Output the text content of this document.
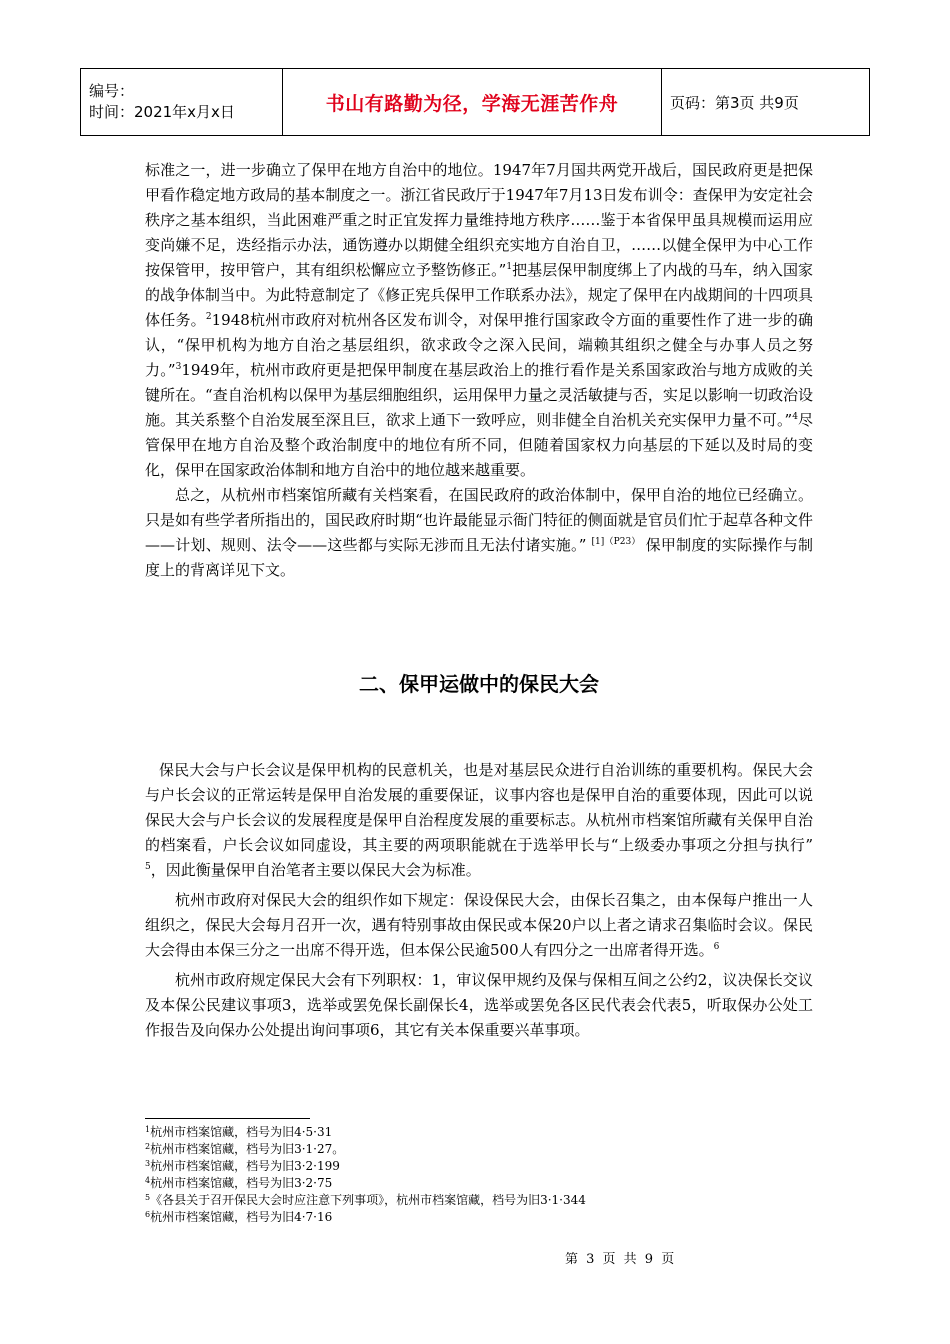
编号：
时间：2021年x月x日	书山有路勤为径，学海无涯苦作舟	页码：第3页 共9页

标准之一，进一步确立了保甲在地方自治中的地位。1947年7月国共两党开战后，国民政府更是把保甲看作稳定地方政局的基本制度之一。浙江省民政厅于1947年7月13日发布训令：查保甲为安定社会秩序之基本组织，当此困难严重之时正宜发挥力量维持地方秩序……鉴于本省保甲虽具规模而运用应变尚嫌不足，迭经指示办法，通饬遵办以期健全组织充实地方自治自卫，……以健全保甲为中心工作按保管甲，按甲管户，其有组织松懈应立予整饬修正。”$^1$把基层保甲制度绑上了内战的马车，纳入国家的战争体制当中。为此特意制定了《修正宪兵保甲工作联系办法》，规定了保甲在内战期间的十四项具体任务。$^2$1948杭州市政府对杭州各区发布训令，对保甲推行国家政令方面的重要性作了进一步的确认，“保甲机构为地方自治之基层组织，欲求政令之深入民间，端赖其组织之健全与办事人员之努力。”$^3$1949年，杭州市政府更是把保甲制度在基层政治上的推行看作是关系国家政治与地方成败的关键所在。“查自治机构以保甲为基层细胞组织，运用保甲力量之灵活敏捷与否，实足以影响一切政治设施。其关系整个自治发展至深且巨，欲求上通下一致呼应，则非健全自治机关充实保甲力量不可。”$^4$尽管保甲在地方自治及整个政治制度中的地位有所不同，但随着国家权力向基层的下延以及时局的变化，保甲在国家政治体制和地方自治中的地位越来越重要。

总之，从杭州市档案馆所藏有关档案看，在国民政府的政治体制中，保甲自治的地位已经确立。只是如有些学者所指出的，国民政府时期“也许最能显示衙门特征的侧面就是官员们忙于起草各种文件——计划、规则、法令——这些都与实际无涉而且无法付诸实施。” $^{[1](P23)}$ 保甲制度的实际操作与制度上的背离详见下文。

二、保甲运做中的保民大会

保民大会与户长会议是保甲机构的民意机关，也是对基层民众进行自治训练的重要机构。保民大会与户长会议的正常运转是保甲自治发展的重要保证，议事内容也是保甲自治的重要体现，因此可以说保民大会与户长会议的发展程度是保甲自治程度发展的重要标志。从杭州市档案馆所藏有关保甲自治的档案看，户长会议如同虚设，其主要的两项职能就在于选举甲长与“上级委办事项之分担与执行” $^5$，因此衡量保甲自治笔者主要以保民大会为标准。

杭州市政府对保民大会的组织作如下规定：保设保民大会，由保长召集之，由本保每户推出一人组织之，保民大会每月召开一次，遇有特别事故由保民或本保20户以上者之请求召集临时会议。保民大会得由本保三分之一出席不得开选，但本保公民逾500人有四分之一出席者得开选。$^6$

杭州市政府规定保民大会有下列职权：1，审议保甲规约及保与保相互间之公约2，议决保长交议及本保公民建议事项3，选举或罢免保长副保长4，选举或罢免各区民代表会代表5，听取保办公处工作报告及向保办公处提出询问事项6，其它有关本保重要兴革事项。

$^1$杭州市档案馆藏，档号为旧4·5·31
$^2$杭州市档案馆藏，档号为旧3·1·27。
$^3$杭州市档案馆藏，档号为旧3·2·199
$^4$杭州市档案馆藏，档号为旧3·2·75
$^5$《各县关于召开保民大会时应注意下列事项》，杭州市档案馆藏，档号为旧3·1·344
$^6$杭州市档案馆藏，档号为旧4·7·16
第 3 页 共 9 页
